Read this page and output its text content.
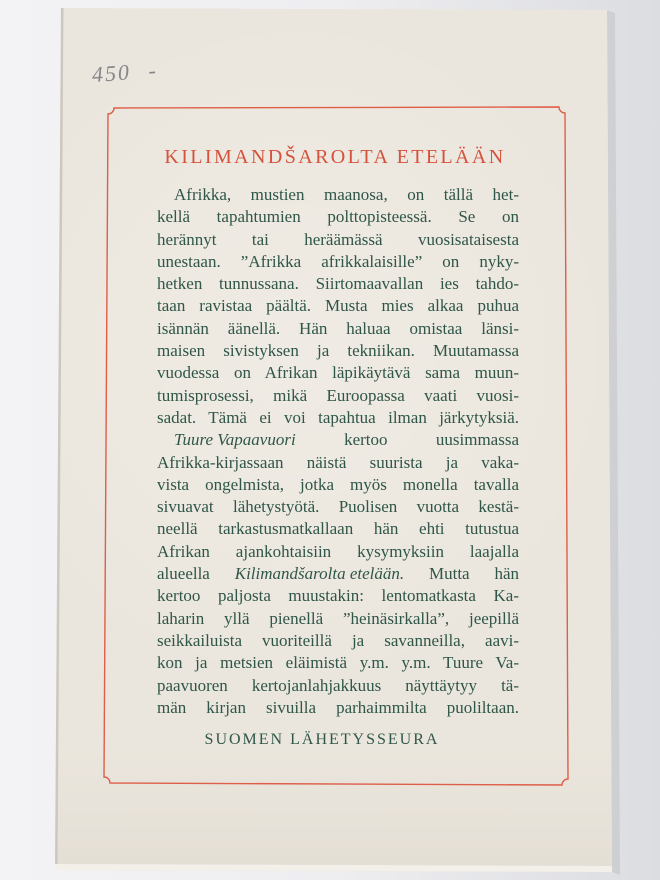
450 -
KILIMANDŠAROLTA ETELÄÄN
Afrikka, mustien maanosa, on tällä het-
kellä tapahtumien polttopisteessä. Se on
herännyt tai heräämässä vuosisataisesta
unestaan. ”Afrikka afrikkalaisille” on nyky-
hetken tunnussana. Siirtomaavallan ies tahdo-
taan ravistaa päältä. Musta mies alkaa puhua
isännän äänellä. Hän haluaa omistaa länsi-
maisen sivistyksen ja tekniikan. Muutamassa
vuodessa on Afrikan läpikäytävä sama muun-
tumisprosessi, mikä Euroopassa vaati vuosi-
sadat. Tämä ei voi tapahtua ilman järkytyksiä.
Tuure Vapaavuori	kertoo uusimmassa
Afrikka-kirjassaan näistä suurista ja vaka-
vista ongelmista, jotka myös monella tavalla
sivuavat lähetystyötä. Puolisen vuotta kestä-
neellä tarkastusmatkallaan hän ehti tutustua
Afrikan ajankohtaisiin kysymyksiin laajalla
alueella Kilimandšarolta etelään. Mutta hän
kertoo paljosta muustakin: lentomatkasta Ka-
laharin yllä pienellä ”heinäsirkalla”, jeepillä
seikkailuista vuoriteillä ja savanneilla, aavi-
kon ja metsien eläimistä y.m. y.m. Tuure Va-
paavuoren kertojanlahjakkuus näyttäytyy tä-
män kirjan sivuilla parhaimmilta puoliltaan.
SUOMEN LÄHETYSSEURA
